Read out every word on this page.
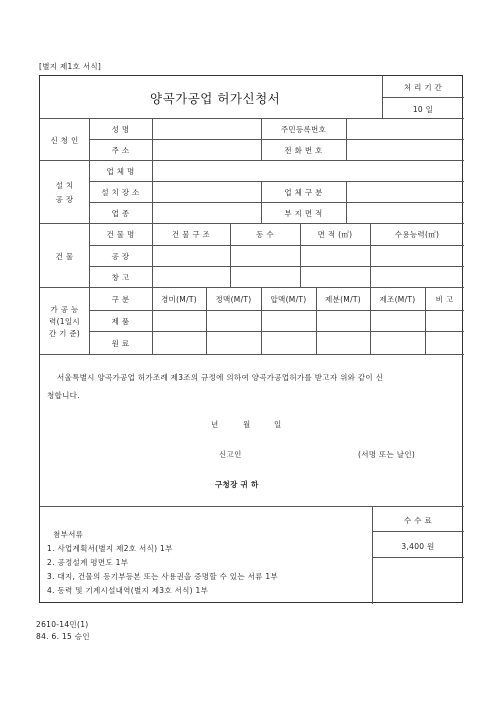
[별지 제1호 서식]
양곡가공업 허가신청서
처 리 기 간
10 일
신 청 인
성 명	주민등록번호
주 소	전 화 번 호
설 치
공 장
업 체 명
설 치 장 소	업 체 구 분
업 종	부 지 면 적
건 물
건 물 명	건 물 구 조	동 수	면 적 (㎡)	수용능력(㎡)
공 장
창 고
가 공 능
력(1일시
간 기 준)
구 분	경미(M/T)	정맥(M/T)	압맥(M/T)	제분(M/T)	제조(M/T)	비 고
제 품
원 료
서울특별시 양곡가공업 허가조례 제3조의 규정에 의하여 양곡가공업허가를 받고자 위와 같이 신
청합니다.
년	월	일
신고인	(서명 또는 날인)
구청장 귀 하
첨부서류
1. 사업계획서(별지 제2호 서식) 1부
2. 공정설계 평면도 1부
3. 대지, 건물의 등기부등본 또는 사용권을 증명할 수 있는 서류 1부
4. 동력 및 기계시설내역(별지 제3호 서식) 1부
수 수 료
3,400 원
2610-14민(1)
84. 6. 15 승인
